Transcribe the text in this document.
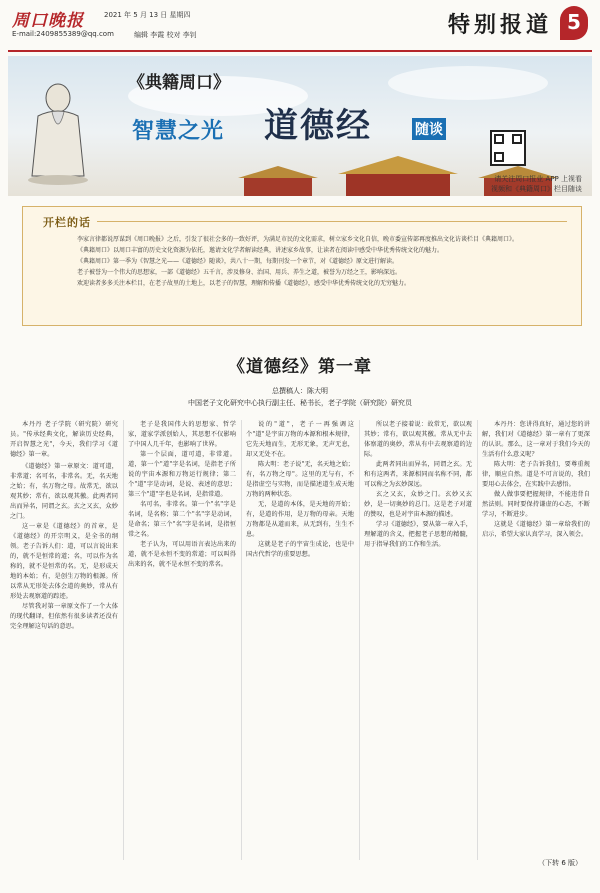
周口晚报	2021 年 5 月 13 日 星期四
E-mail:2409855389@qq.com	编辑 李霞 校对 李钊	特别报道 5
《典籍周口》
智慧之光 道德经	随谈
请关注周口报业 APP 上视看
视频和《典籍周口》栏目随谈
开栏的话

李家言律都说厚谋到《周口晚报》之后，引发了很社会多的一致好评，为满足市民的文化需求，树立家乡文化自信，晚市委宣传部再度推出文化访谈栏目《典籍周口》。

《典籍周口》以周口丰富的历史文化资源为依托，邀请文化学者解读经典，讲述家乡故事，让读者在阅读中感受中华优秀传统文化的魅力。

《典籍周口》第一季为《智慧之光——《道德经》随谈》，共八十一期，每期刊发一个章节，对《道德经》原文进行解读。

老子被誉为一个伟大的思想家，一部《道德经》五千言，涉及修身、治国、用兵、养生之道，被誉为万经之王，影响深远。

欢迎读者多多关注本栏目，在老子故里的土地上，以老子的智慧，理解和传播《道德经》，感受中华优秀传统文化的无穷魅力。

《道德经》第一章
总撰稿人：陈大明
中国老子文化研究中心执行副主任、秘书长，老子学院（研究院）研究员

本丹丹 老子学院（研究院）研究员。"传承经典文化，解读历史经典，开启智慧之光"，今天，我们学习《道德经》第一章。

《道德经》第一章原文：道可道，非常道；名可名，非常名。无，名天地之始；有，名万物之母。故常无，欲以观其妙；常有，欲以观其徼。此两者同出而异名，同谓之玄。玄之又玄，众妙之门。

这一章是《道德经》的首章，是《道德经》的开宗明义，是全书的纲领。老子告诉人们：道，可以言说出来的，就不是恒常的道；名，可以作为名称的，就不是恒常的名。无，是形成天地的本始；有，是创生万物的根源。所以常从无形处去体会道的奥妙，常从有形处去观察道的踪迹。

尽管我对第一章原文作了一个大体的现代翻译，但依然有很多读者还没有完全理解这句话的意思。

老子是我国伟大的思想家、哲学家，道家学派创始人，其思想不仅影响了中国人几千年，也影响了世界。

第一个层面，道可道，非常道。道，第一个"道"字是名词，是指老子所说的宇宙本源和万物运行规律；第二个"道"字是动词，是说、表述的意思；第三个"道"字也是名词，是指常道。

名可名，非常名。第一个"名"字是名词，是名称；第二个"名"字是动词，是命名；第三个"名"字是名词，是指恒常之名。

老子认为，可以用语言表达出来的道，就不是永恒不变的常道；可以叫得出来的名，就不是永恒不变的常名。

说的"道"，老子一再强调这个"道"是宇宙万物的本源和根本规律，它先天地而生，无形无象，无声无息，却又无处不在。

陈大明：老子说"无，名天地之始；有，名万物之母"。这里的无与有，不是指虚空与实物，而是描述道生成天地万物的两种状态。

无，是道的本体，是天地的开始；有，是道的作用，是万物的母亲。天地万物都是从道而来，从无到有，生生不息。

这就是老子的宇宙生成论，也是中国古代哲学的重要思想。

所以老子接着说：故常无，欲以观其妙；常有，欲以观其徼。常从无中去体察道的奥妙，常从有中去观察道的边际。

此两者同出而异名，同谓之玄。无和有这两者，来源相同而名称不同，都可以称之为玄妙深远。

玄之又玄，众妙之门。玄妙又玄妙，是一切奥妙的总门。这是老子对道的赞叹，也是对宇宙本源的描述。

学习《道德经》，要从第一章入手，理解道的含义，把握老子思想的精髓，用于指导我们的工作和生活。

本丹丹：您讲得真好，通过您的讲解，我们对《道德经》第一章有了更深的认识。那么，这一章对于我们今天的生活有什么意义呢？

陈大明：老子告诉我们，要尊重规律，顺应自然。道是不可言说的，我们要用心去体会，在实践中去感悟。

做人做事要把握规律，不能违背自然法则。同时要保持谦虚的心态，不断学习，不断进步。

这就是《道德经》第一章给我们的启示，希望大家认真学习，深入领会。

（下转 6 版）
